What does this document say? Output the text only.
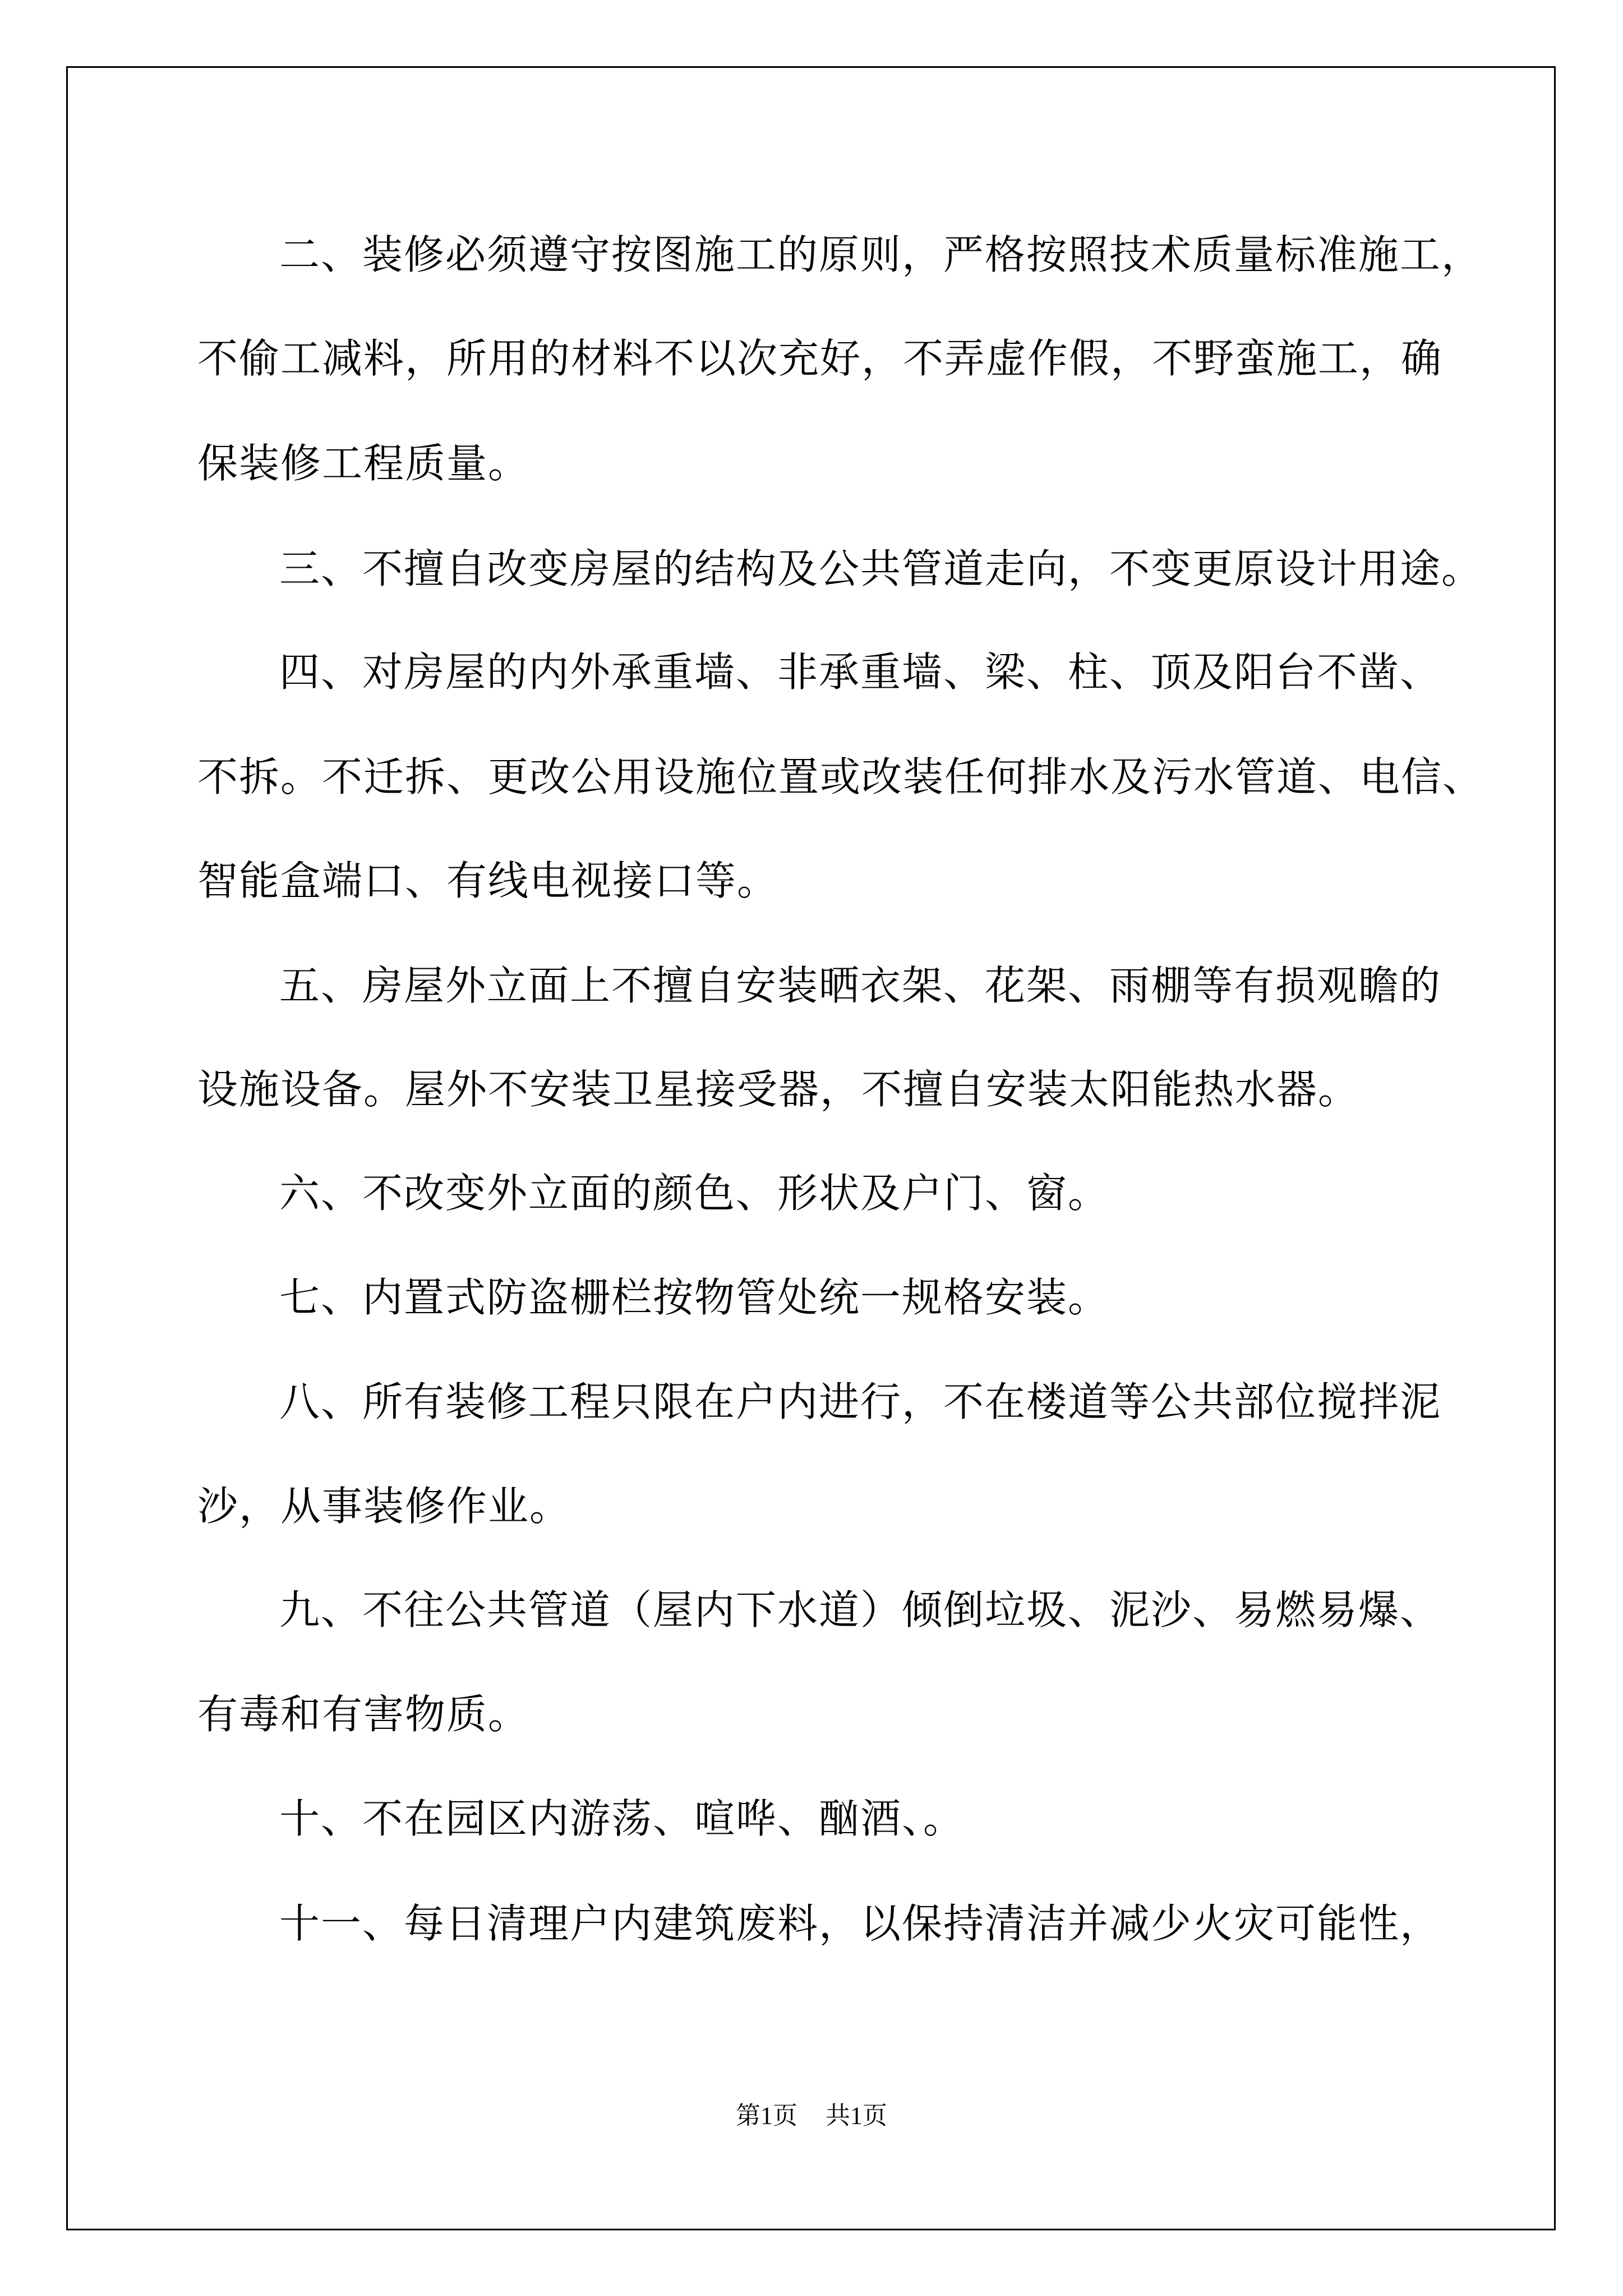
二、装修必须遵守按图施工的原则，严格按照技术质量标准施工，
不偷工减料，所用的材料不以次充好，不弄虚作假，不野蛮施工，确
保装修工程质量。
三、不擅自改变房屋的结构及公共管道走向，不变更原设计用途。
四、对房屋的内外承重墙、非承重墙、梁、柱、顶及阳台不凿、
不拆。不迁拆、更改公用设施位置或改装任何排水及污水管道、电信、
智能盒端口、有线电视接口等。
五、房屋外立面上不擅自安装晒衣架、花架、雨棚等有损观瞻的
设施设备。屋外不安装卫星接受器，不擅自安装太阳能热水器。
六、不改变外立面的颜色、形状及户门、窗。
七、内置式防盗栅栏按物管处统一规格安装。
八、所有装修工程只限在户内进行，不在楼道等公共部位搅拌泥
沙，从事装修作业。
九、不往公共管道（屋内下水道）倾倒垃圾、泥沙、易燃易爆、
有毒和有害物质。
十、不在园区内游荡、喧哗、酗酒、。
十一、每日清理户内建筑废料，以保持清洁并减少火灾可能性，
第1页 共1页
